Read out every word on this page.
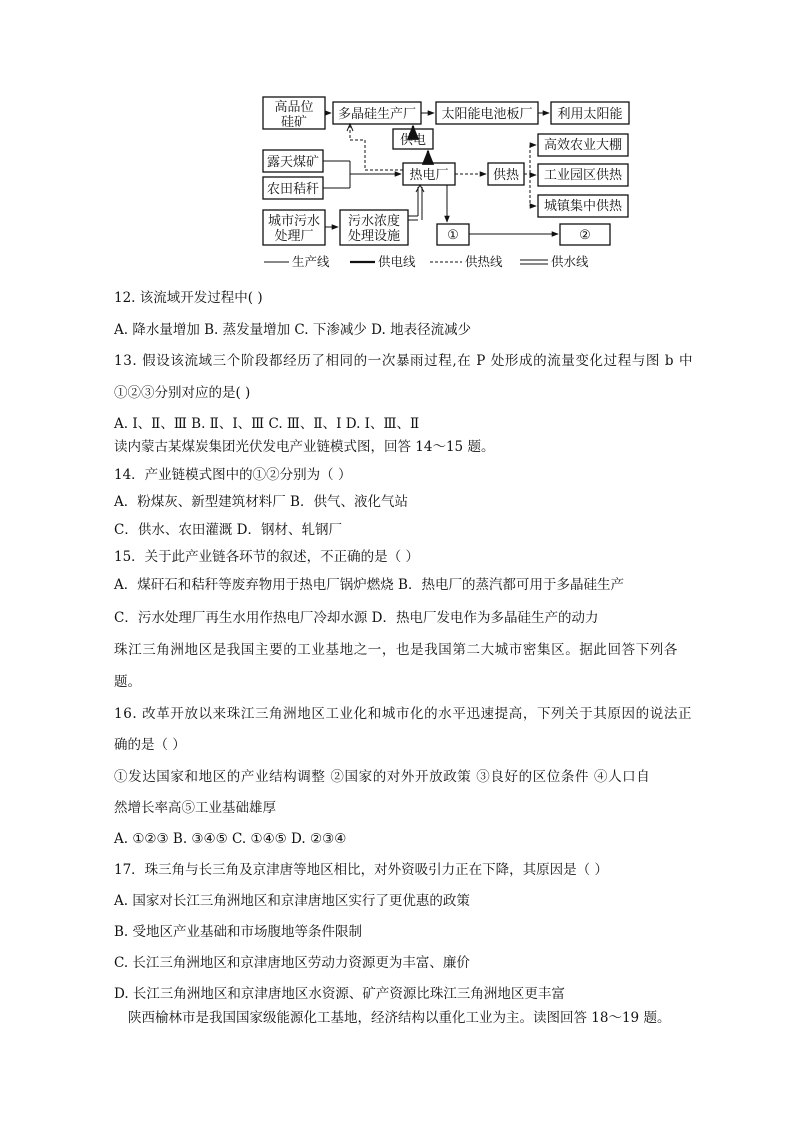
高品位
硅矿
多晶硅生产厂 太阳能电池板厂 利用太阳能
供电
露天煤矿
农田秸秆
热电厂	供热
高效农业大棚
工业园区供热
城镇集中供热
城市污水
处理厂
污水浓度
处理设施	①	②
生产线	供电线	供热线	供水线
12. 该流域开发过程中( )
A. 降水量增加 B. 蒸发量增加 C. 下渗减少 D. 地表径流减少
13. 假设该流域三个阶段都经历了相同的一次暴雨过程,在 P 处形成的流量变化过程与图 b 中
①②③分别对应的是( )
A. Ⅰ、Ⅱ、Ⅲ B. Ⅱ、Ⅰ、Ⅲ C. Ⅲ、Ⅱ、Ⅰ D. Ⅰ、Ⅲ、Ⅱ
读内蒙古某煤炭集团光伏发电产业链模式图，回答 14～15 题。
14．产业链模式图中的①②分别为（ ）
A．粉煤灰、新型建筑材料厂 B．供气、液化气站
C．供水、农田灌溉 D．钢材、轧钢厂
15．关于此产业链各环节的叙述，不正确的是（ ）
A．煤矸石和秸秆等废弃物用于热电厂锅炉燃烧 B．热电厂的蒸汽都可用于多晶硅生产
C．污水处理厂再生水用作热电厂冷却水源 D．热电厂发电作为多晶硅生产的动力
珠江三角洲地区是我国主要的工业基地之一，也是我国第二大城市密集区。据此回答下列各
题。
16. 改革开放以来珠江三角洲地区工业化和城市化的水平迅速提高，下列关于其原因的说法正
确的是（ ）
①发达国家和地区的产业结构调整 ②国家的对外开放政策 ③良好的区位条件 ④人口自
然增长率高⑤工业基础雄厚
A. ①②③ B. ③④⑤ C. ①④⑤ D. ②③④
17．珠三角与长三角及京津唐等地区相比，对外资吸引力正在下降，其原因是（ ）
A. 国家对长江三角洲地区和京津唐地区实行了更优惠的政策
B. 受地区产业基础和市场腹地等条件限制
C. 长江三角洲地区和京津唐地区劳动力资源更为丰富、廉价
D. 长江三角洲地区和京津唐地区水资源、矿产资源比珠江三角洲地区更丰富
陕西榆林市是我国国家级能源化工基地，经济结构以重化工业为主。读图回答 18～19 题。
